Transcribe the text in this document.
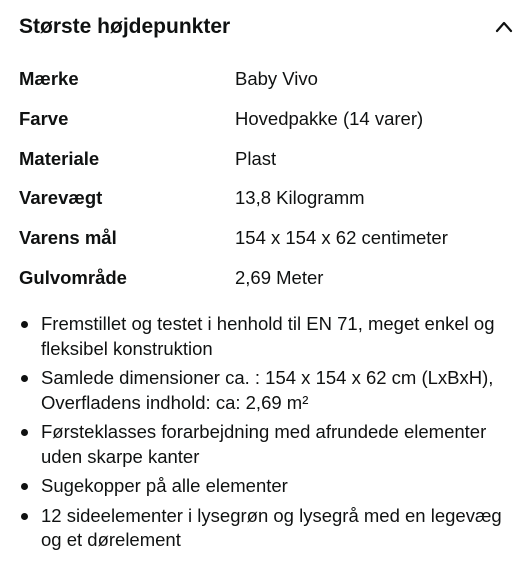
Største højdepunkter
Mærke	Baby Vivo
Farve	Hovedpakke (14 varer)
Materiale	Plast
Varevægt	13,8 Kilogramm
Varens mål	154 x 154 x 62 centimeter
Gulvområde	2,69 Meter
Fremstillet og testet i henhold til EN 71, meget enkel og fleksibel konstruktion
Samlede dimensioner ca. : 154 x 154 x 62 cm (LxBxH), Overfladens indhold: ca: 2,69 m²
Førsteklasses forarbejdning med afrundede elementer uden skarpe kanter
Sugekopper på alle elementer
12 sideelementer i lysegrøn og lysegrå med en legevæg og et dørelement
